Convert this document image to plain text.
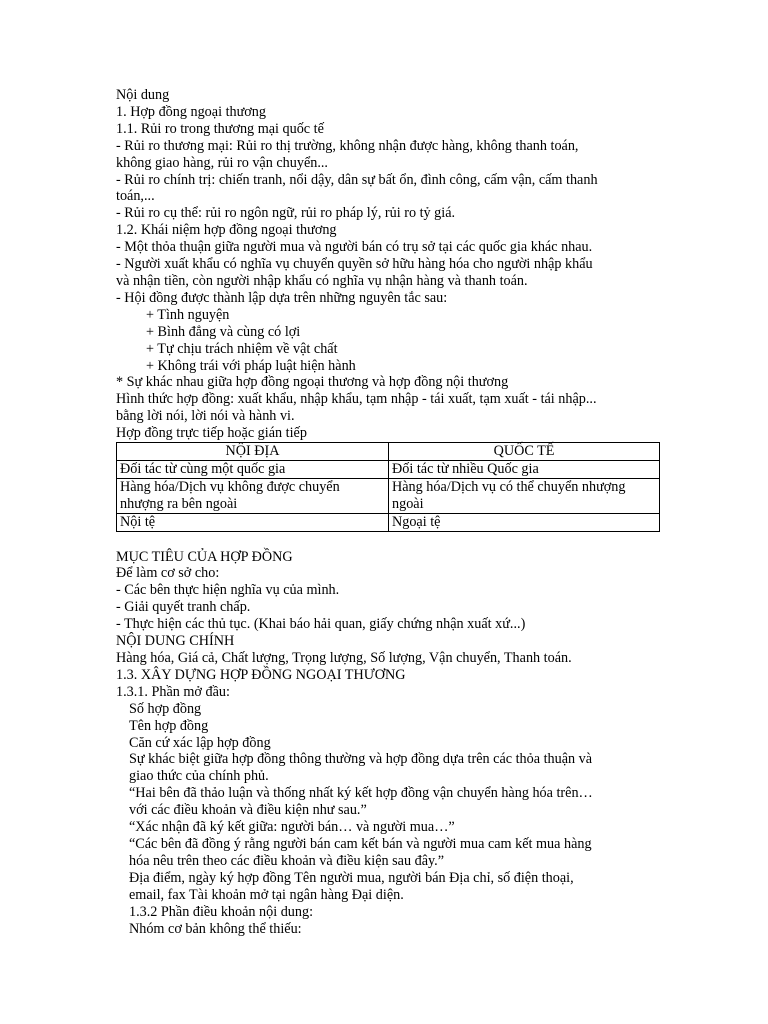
Nội dung

1. Hợp đồng ngoại thương

1.1. Rủi ro trong thương mại quốc tế

- Rủi ro thương mại: Rủi ro thị trường, không nhận được hàng, không thanh toán,

không giao hàng, rủi ro vận chuyển...

- Rủi ro chính trị: chiến tranh, nổi dậy, dân sự bất ổn, đình công, cấm vận, cấm thanh

toán,...

- Rủi ro cụ thể: rủi ro ngôn ngữ, rủi ro pháp lý, rủi ro tỷ giá.

1.2. Khái niệm hợp đồng ngoại thương

- Một thỏa thuận giữa người mua và người bán có trụ sở tại các quốc gia khác nhau.

- Người xuất khẩu có nghĩa vụ chuyển quyền sở hữu hàng hóa cho người nhập khẩu

và nhận tiền, còn người nhập khẩu có nghĩa vụ nhận hàng và thanh toán.

- Hội đồng được thành lập dựa trên những nguyên tắc sau:

+ Tình nguyện

+ Bình đẳng và cùng có lợi

+ Tự chịu trách nhiệm về vật chất

+ Không trái với pháp luật hiện hành

* Sự khác nhau giữa hợp đồng ngoại thương và hợp đồng nội thương

Hình thức hợp đồng: xuất khẩu, nhập khẩu, tạm nhập - tái xuất, tạm xuất - tái nhập...

bằng lời nói, lời nói và hành vi.

Hợp đồng trực tiếp hoặc gián tiếp

NỘI ĐỊA	QUỐC TẾ
Đối tác từ cùng một quốc gia	Đối tác từ nhiều Quốc gia
Hàng hóa/Dịch vụ không được chuyển nhượng ra bên ngoài	Hàng hóa/Dịch vụ có thể chuyển nhượng ngoài
Nội tệ	Ngoại tệ

MỤC TIÊU CỦA HỢP ĐỒNG

Để làm cơ sở cho:

- Các bên thực hiện nghĩa vụ của mình.

- Giải quyết tranh chấp.

- Thực hiện các thủ tục. (Khai báo hải quan, giấy chứng nhận xuất xứ...)

NỘI DUNG CHÍNH

Hàng hóa, Giá cả, Chất lượng, Trọng lượng, Số lượng, Vận chuyển, Thanh toán.

1.3. XÂY DỰNG HỢP ĐỒNG NGOẠI THƯƠNG

1.3.1. Phần mở đầu:

Số hợp đồng

Tên hợp đồng

Căn cứ xác lập hợp đồng

Sự khác biệt giữa hợp đồng thông thường và hợp đồng dựa trên các thỏa thuận và

giao thức của chính phủ.

“Hai bên đã thảo luận và thống nhất ký kết hợp đồng vận chuyển hàng hóa trên…

với các điều khoản và điều kiện như sau.”

“Xác nhận đã ký kết giữa: người bán… và người mua…”

“Các bên đã đồng ý rằng người bán cam kết bán và người mua cam kết mua hàng

hóa nêu trên theo các điều khoản và điều kiện sau đây.”

Địa điểm, ngày ký hợp đồng Tên người mua, người bán Địa chỉ, số điện thoại,

email, fax Tài khoản mở tại ngân hàng Đại diện.

1.3.2 Phần điều khoản nội dung:

Nhóm cơ bản không thể thiếu:
